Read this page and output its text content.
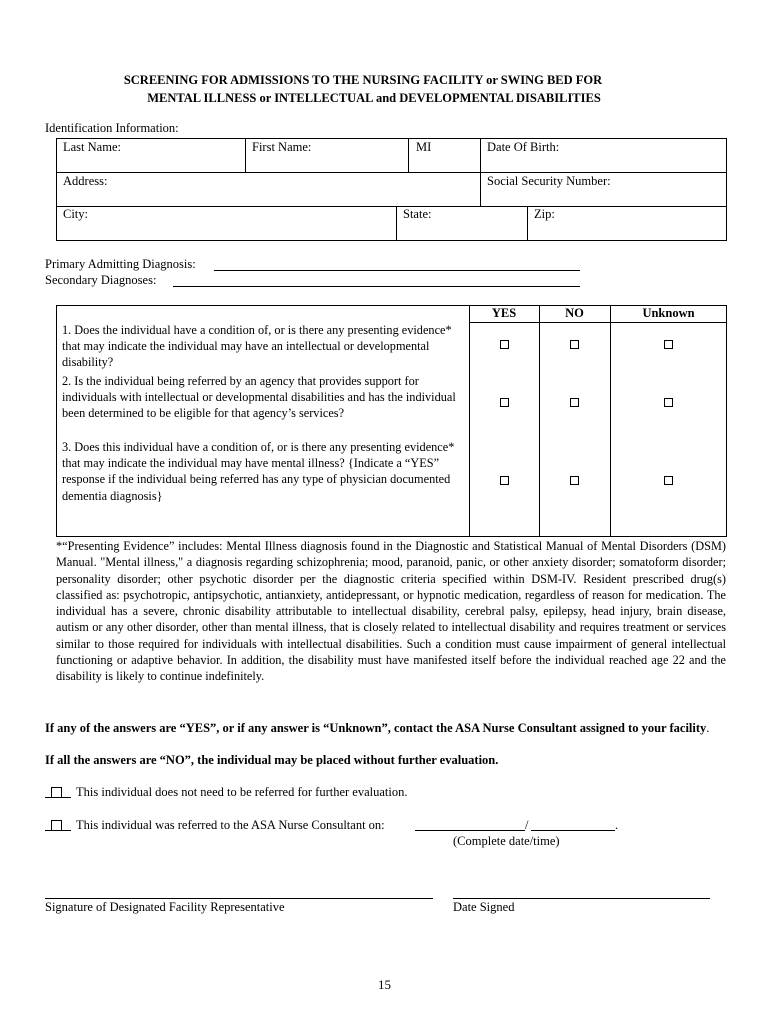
SCREENING FOR ADMISSIONS TO THE NURSING FACILITY or SWING BED FOR
MENTAL ILLNESS or INTELLECTUAL and DEVELOPMENTAL DISABILITIES
Identification Information:
Last Name:	First Name:	MI	Date Of Birth:
Address:	Social Security Number:
City:	State:	Zip:
Primary Admitting Diagnosis:
Secondary Diagnoses:
YES	NO	Unknown
1. Does the individual have a condition of, or is there any presenting evidence* that may indicate the individual may have an intellectual or developmental disability?
2. Is the individual being referred by an agency that provides support for individuals with intellectual or developmental disabilities and has the individual been determined to be eligible for that agency’s services?
3. Does this individual have a condition of, or is there any presenting evidence* that may indicate the individual may have mental illness? {Indicate a “YES” response if the individual being referred has any type of physician documented dementia diagnosis}
*“Presenting Evidence” includes: Mental Illness diagnosis found in the Diagnostic and Statistical Manual of Mental Disorders (DSM) Manual. "Mental illness," a diagnosis regarding schizophrenia; mood, paranoid, panic, or other anxiety disorder; somatoform disorder; personality disorder; other psychotic disorder per the diagnostic criteria specified within DSM-IV. Resident prescribed drug(s) classified as: psychotropic, antipsychotic, antianxiety, antidepressant, or hypnotic medication, regardless of reason for medication. The individual has a severe, chronic disability attributable to intellectual disability, cerebral palsy, epilepsy, head injury, brain disease, autism or any other disorder, other than mental illness, that is closely related to intellectual disability and requires treatment or services similar to those required for individuals with intellectual disabilities. Such a condition must cause impairment of general intellectual functioning or adaptive behavior. In addition, the disability must have manifested itself before the individual reached age 22 and the disability is likely to continue indefinitely.
If any of the answers are “YES”, or if any answer is “Unknown”, contact the ASA Nurse Consultant assigned to your facility.
If all the answers are “NO”, the individual may be placed without further evaluation.
This individual does not need to be referred for further evaluation.
This individual was referred to the ASA Nurse Consultant on:	/	.
(Complete date/time)
Signature of Designated Facility Representative	Date Signed
15
